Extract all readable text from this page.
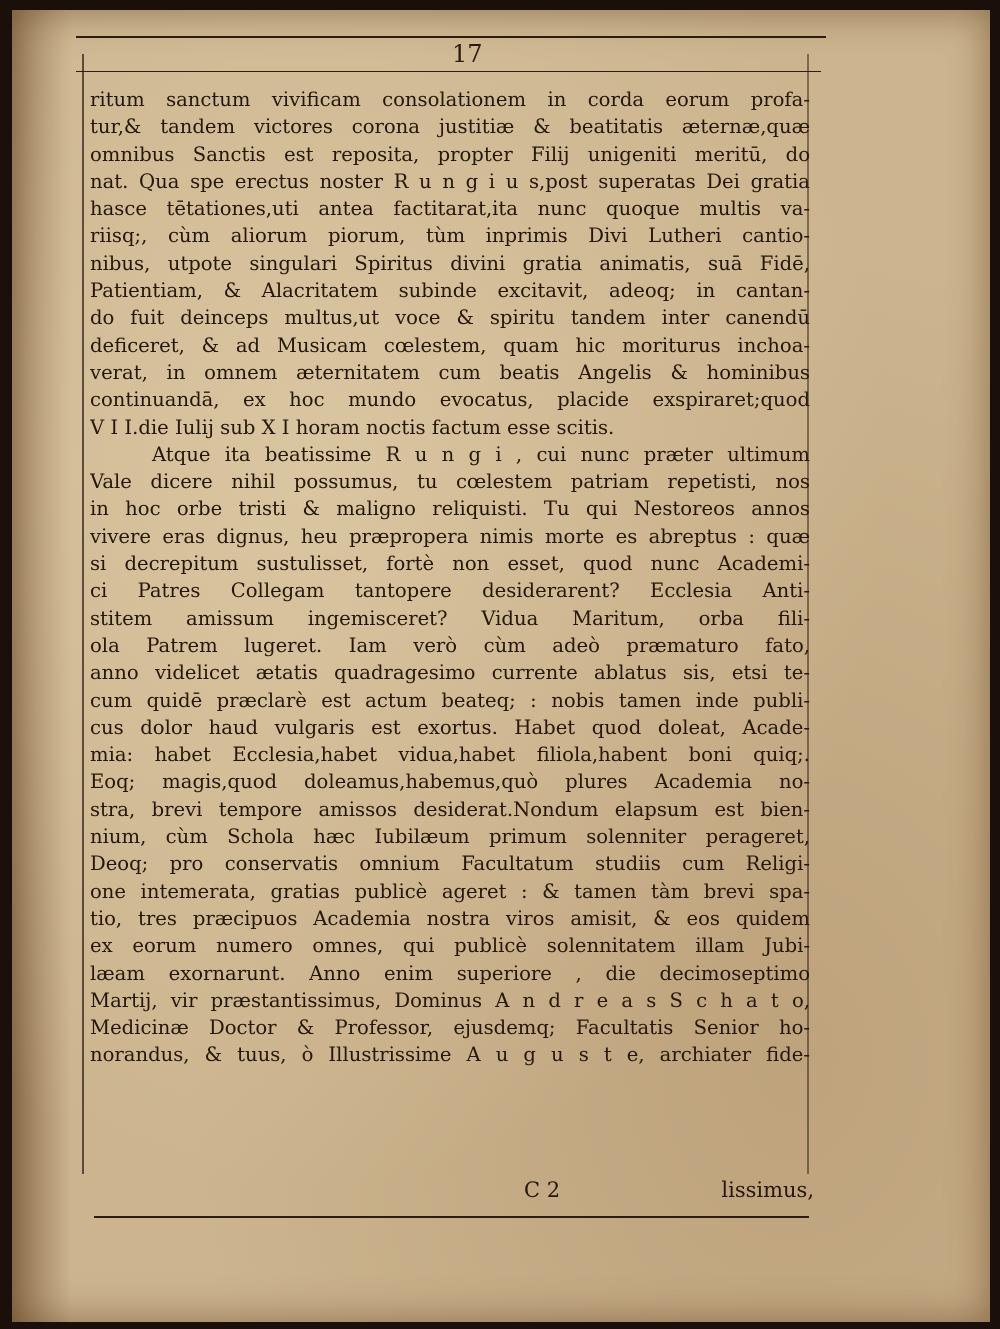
17
ritum sanctum vivificam consolationem in corda eorum profa-
tur,& tandem victores corona justitiæ & beatitatis æternæ,quæ
omnibus Sanctis est reposita, propter Filij unigeniti meritū, do
nat. Qua spe erectus noster R u n g i u s,post superatas Dei gratia
hasce tētationes,uti antea factitarat,ita nunc quoque multis va-
riisq;, cùm aliorum piorum, tùm inprimis Divi Lutheri cantio-
nibus, utpote singulari Spiritus divini gratia animatis, suā Fidē,
Patientiam, & Alacritatem subinde excitavit, adeoq; in cantan-
do fuit deinceps multus,ut voce & spiritu tandem inter canendū
deficeret, & ad Musicam cœlestem, quam hic moriturus inchoa-
verat, in omnem æternitatem cum beatis Angelis & hominibus
continuandā, ex hoc mundo evocatus, placide exspiraret;quod
V I I.die Iulij sub X I horam noctis factum esse scitis.
Atque ita beatissime R u n g i , cui nunc præter ultimum
Vale dicere nihil possumus, tu cœlestem patriam repetisti, nos
in hoc orbe tristi & maligno reliquisti. Tu qui Nestoreos annos
vivere eras dignus, heu præpropera nimis morte es abreptus : quæ
si decrepitum sustulisset, fortè non esset, quod nunc Academi-
ci Patres Collegam tantopere desiderarent? Ecclesia Anti-
stitem amissum ingemisceret? Vidua Maritum, orba fili-
ola Patrem lugeret. Iam verò cùm adeò præmaturo fato,
anno videlicet ætatis quadragesimo currente ablatus sis, etsi te-
cum quidē præclarè est actum beateq; : nobis tamen inde publi-
cus dolor haud vulgaris est exortus. Habet quod doleat, Acade-
mia: habet Ecclesia,habet vidua,habet filiola,habent boni quiq;.
Eoq; magis,quod doleamus,habemus,quò plures Academia no-
stra, brevi tempore amissos desiderat.Nondum elapsum est bien-
nium, cùm Schola hæc Iubilæum primum solenniter perageret,
Deoq; pro conservatis omnium Facultatum studiis cum Religi-
one intemerata, gratias publicè ageret : & tamen tàm brevi spa-
tio, tres præcipuos Academia nostra viros amisit, & eos quidem
ex eorum numero omnes, qui publicè solennitatem illam Jubi-
læam exornarunt. Anno enim superiore , die decimoseptimo
Martij, vir præstantissimus, Dominus A n d r e a s S c h a t o,
Medicinæ Doctor & Professor, ejusdemq; Facultatis Senior ho-
norandus, & tuus, ò Illustrissime A u g u s t e, archiater fide-
C 2	lissimus,
